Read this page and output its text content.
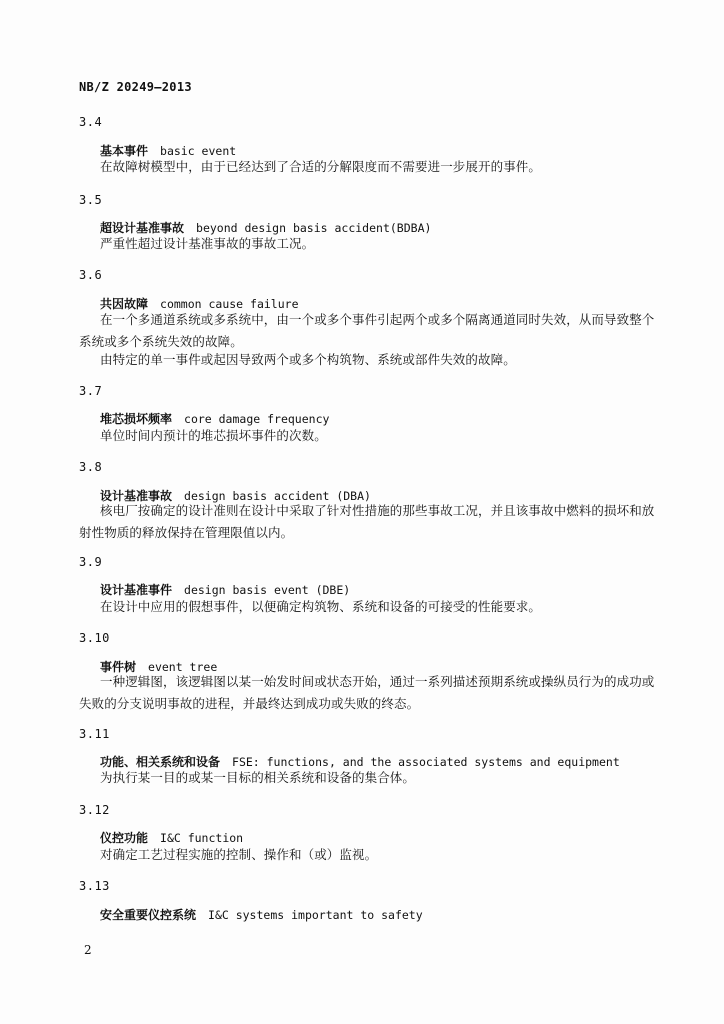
NB/Z 20249—2013
3.4
基本事件 basic event
在故障树模型中，由于已经达到了合适的分解限度而不需要进一步展开的事件。
3.5
超设计基准事故 beyond design basis accident(BDBA)
严重性超过设计基准事故的事故工况。
3.6
共因故障 common cause failure
在一个多通道系统或多系统中，由一个或多个事件引起两个或多个隔离通道同时失效，从而导致整个系统或多个系统失效的故障。
由特定的单一事件或起因导致两个或多个构筑物、系统或部件失效的故障。
3.7
堆芯损坏频率 core damage frequency
单位时间内预计的堆芯损坏事件的次数。
3.8
设计基准事故 design basis accident (DBA)
核电厂按确定的设计准则在设计中采取了针对性措施的那些事故工况，并且该事故中燃料的损坏和放射性物质的释放保持在管理限值以内。
3.9
设计基准事件 design basis event (DBE)
在设计中应用的假想事件，以便确定构筑物、系统和设备的可接受的性能要求。
3.10
事件树 event tree
一种逻辑图，该逻辑图以某一始发时间或状态开始，通过一系列描述预期系统或操纵员行为的成功或失败的分支说明事故的进程，并最终达到成功或失败的终态。
3.11
功能、相关系统和设备 FSE: functions, and the associated systems and equipment
为执行某一目的或某一目标的相关系统和设备的集合体。
3.12
仪控功能 I&C function
对确定工艺过程实施的控制、操作和（或）监视。
3.13
安全重要仪控系统 I&C systems important to safety
2
